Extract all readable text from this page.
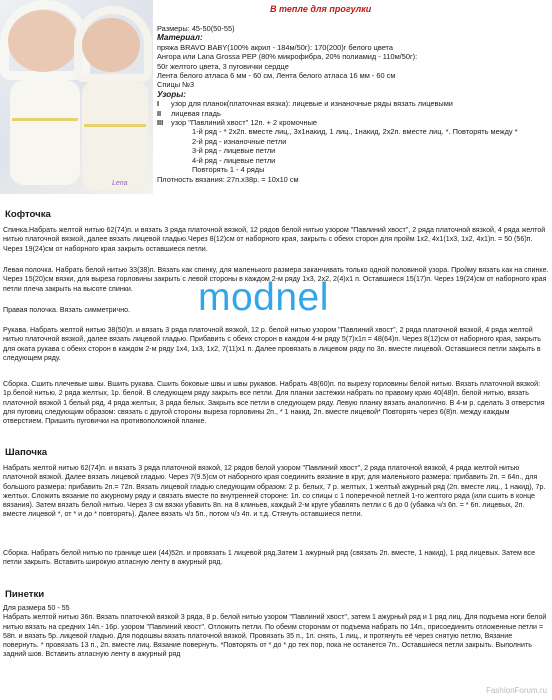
Lena
В тепле для прогулки
Размеры: 45-50(50-55)
Материал:
пряжа BRAVO BABY(100% акрил - 184м/50г): 170(200)г белого цвета
Ангора или Lana Grossa PEP (80% микрофибра, 20% полиамид - 110м/50г):
50г желтого цвета, 3 пуговички сердце
Лента белого атласа 6 мм - 60 см, Лента белого атласа 16 мм - 60 см
Спицы №3
Узоры:
I узор для планок(платочная вязка): лицевые и изнаночные ряды вязать лицевыми
II лицевая гладь
III узор "Павлиний хвост" 12п. + 2 кромочные
1-й ряд - * 2х2п. вместе лиц., 3х1накид, 1 лиц., 1накид, 2х2п. вместе лиц. *. Повторять между *
2-й ряд - изнаночные петли
3-й ряд - лицевые петли
4-й ряд - лицевые петли
Повторять 1 - 4 ряды
Плотность вязания: 27п.х38р. = 10х10 см
Кофточка

Спинка.Набрать желтой нитью 62(74)п. и вязать 3 ряда платочной вязкой, 12 рядов белой нитью узором "Павлиний хвост", 2 ряда платочной вязкой, 4 ряда желтой нитью платочной вязкой, далее вязать лицевой гладью.Через 8(12)см от наборного края, закрыть с обеих сторон для пройм 1х2, 4х1(1х3, 1х2, 4х1)п. = 50 (56)п. Через 19(24)см от наборного края закрыть оставшиеся петли.

Левая полочка. Набрать белой нитью 33(38)п. Вязать как спинку, для маленького размера заканчивать только одной половиной узора. Пройму вязать как на спинке. Через 15(20)см вязки, для выреза горловины закрыть с левой стороны в каждом 2-м ряду 1х3, 2х2, 2(4)х1 п. Оставшиеся 15(17)п. Через 19(24)см от наборного края петли плеча закрыть на высоте спинки.

Правая полочка. Вязать симметрично.

Рукава. Набрать желтой нитью 38(50)п. и вязать 3 ряда платочной вязкой, 12 р. белой нитью узором "Павлиний хвост", 2 ряда платочной вязкой, 4 ряда желтой нитью платочной вязкой, далее вязать лицевой гладью. Прибавить с обеих сторон в каждом 4-м ряду 5(7)х1п = 48(64)п. Через 8(12)см от наборного края, закрыть для оката рукава с обеих сторон в каждом 2-м ряду 1х4, 1х3, 1х2, 7(11)х1 п. Далее провязать в лицевом ряду по 3п. вместе лицевой. Оставшиеся петли закрыть в следующем ряду.

Сборка. Сшить плечевые швы. Вшить рукава. Сшить боковые швы и швы рукавов. Набрать 48(60)п. по вырезу горловины белой нитью. Вязать платочной вязкой: 1р.белой нитью, 2 ряда желтых, 1р. белой. В следующем ряду закрыть все петли. Для планки застежки набрать по правому краю 40(48)п. белой нитью, вязать платочной вязкой 1 белый ряд, 4 ряда желтых, 3 ряда белых. Закрыть все петли в следующем ряду. Левую планку вязать аналогично. В 4-м р. сделать 3 отверстия для пуговиц следующим образом: связать с другой стороны выреза горловины 2п., * 1 накид, 2п. вместе лицевой* Повторять через 6(8)п. между каждым отверстием. Пришить пуговички на противоположной планке.

Шапочка

Набрать желтой нитью 62(74)п. и вязать 3 ряда платочной вязкой, 12 рядов белой узором "Павлиний хвост", 2 ряда платочной вязкой, 4 ряда желтой нитью платочной вязкой. Далее вязать лицевой гладью. Через 7(9.5)см от наборного края соединить вязание в круг, для маленького размера: прибавить 2п. = 64п., для большого размера: прибавить 2п.= 72п. Вязать лицевой гладью следующим образом: 2 р. белых, 7 р. желтых, 1 желтый ажурный ряд (2п. вместе лиц., 1 накид), 7р. желтых. Сложить вязание по ажурному ряду и связать вместе по внутренней стороне: 1п. со спицы с 1 поперечной петлей 1-го желтого ряда (или сшить в конце вязания). Затем вязать белой нитью. Через 3 см вязки убавить 8п. на 8 клиньев, каждый 2-м круге убавлять петли с 6 до 0 (убавка ч/з 6п. = * 6п. лицевых, 2п. вместе лицевой *, от * и до * повторять). Далее вязать ч/з 5п., потом ч/з 4п. и т.д. Стянуть оставшиеся петли.

Сборка. Набрать белой нитью по границе шеи (44)52п. и провязать 1 лицевой ряд.Затем 1 ажурный ряд (связать 2п. вместе, 1 накид), 1 ряд лицевых. Затем все петли закрыть. Вставить широкую атласную ленту в ажурный ряд.

Пинетки

Для размера 50 - 55
Набрать желтой нитью 36п. Вязать платочной вязкой 3 ряда, 8 р. белой нитью узором "Павлиний хвост", затем 1 ажурный ряд и 1 ряд лиц. Для подъема ноги белой нитью вязать на средних 14п.- 16р. узором "Павлиний хвост". Отложить петли. По обеим сторонам от подъема набрать по 14п., присоединить отложенные петли = 58п. и вязать 5р. лицевой гладью. Для подошвы вязать платочной вязкой. Провязать 35 п., 1п. снять, 1 лиц., и протянуть её через снятую петлю, Вязание повернуть. * провязать 13 п., 2п. вместе лиц. Вязание повернуть. *Повторять от * до * до тех пор, пока не останется 7п.. Оставшиеся петли закрыть. Выполнить задний шов. Вставить атласную ленту в ажурный ряд

modnel
FashionForum.ru
